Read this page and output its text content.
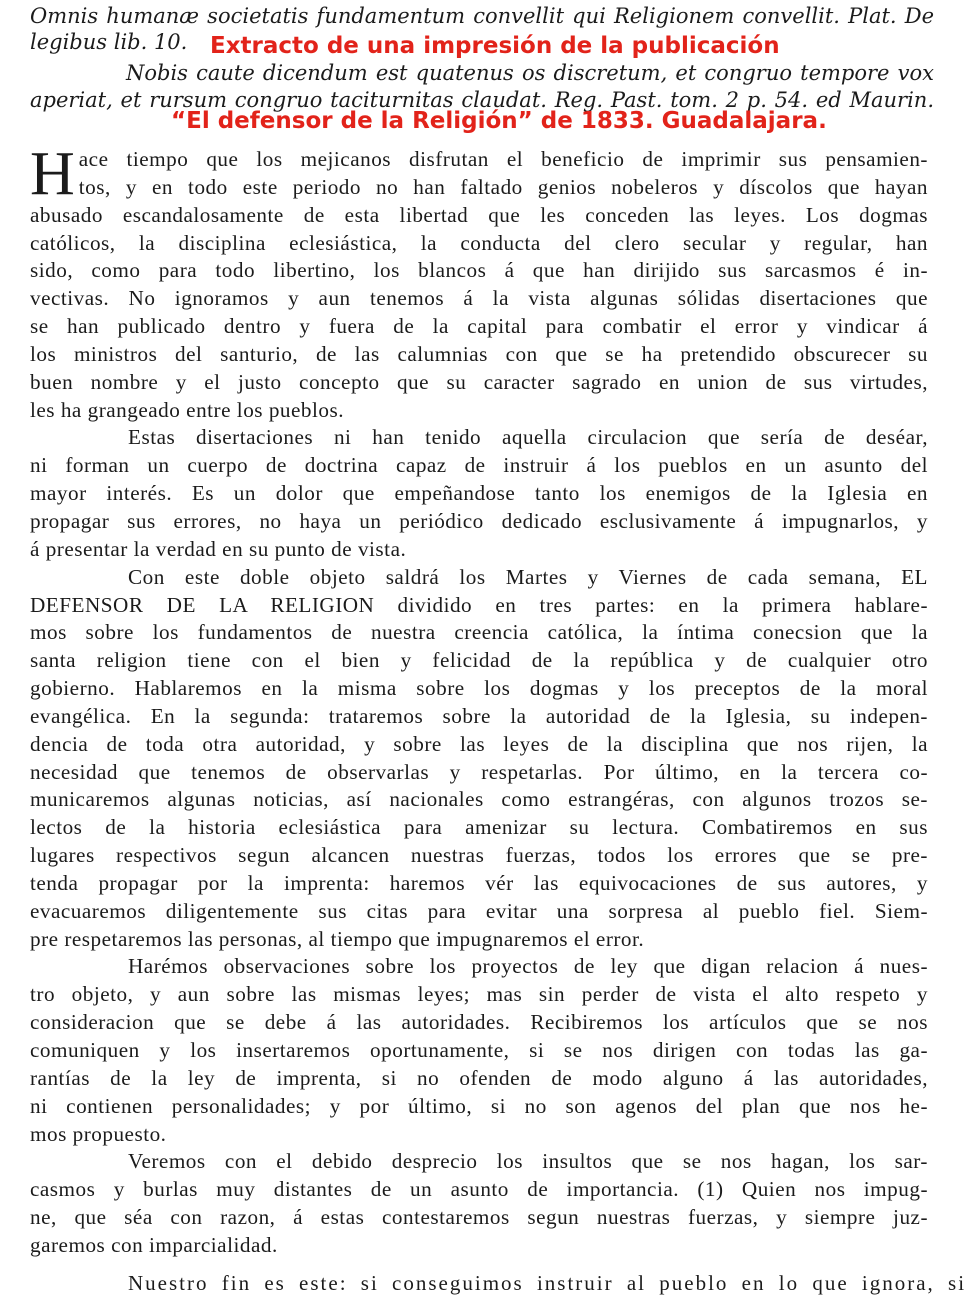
Omnis humanæ societatis fundamentum convellit qui Religionem convellit. Plat. De
legibus lib. 10.
Nobis caute dicendum est quatenus os discretum, et congruo tempore vox
aperiat, et rursum congruo taciturnitas claudat. Reg. Past. tom. 2 p. 54. ed Maurin.
Extracto de una impresión de la publicación
“El defensor de la Religión” de 1833. Guadalajara.
H ace tiempo que los mejicanos disfrutan el beneficio de imprimir sus pensamien-
tos, y en todo este periodo no han faltado genios nobeleros y díscolos que hayan
abusado escandalosamente de esta libertad que les conceden las leyes. Los dogmas
católicos, la disciplina eclesiástica, la conducta del clero secular y regular, han
sido, como para todo libertino, los blancos á que han dirijido sus sarcasmos é in-
vectivas. No ignoramos y aun tenemos á la vista algunas sólidas disertaciones que
se han publicado dentro y fuera de la capital para combatir el error y vindicar á
los ministros del santurio, de las calumnias con que se ha pretendido obscurecer su
buen nombre y el justo concepto que su caracter sagrado en union de sus virtudes,
les ha grangeado entre los pueblos.
Estas disertaciones ni han tenido aquella circulacion que sería de deséar,
ni forman un cuerpo de doctrina capaz de instruir á los pueblos en un asunto del
mayor interés. Es un dolor que empeñandose tanto los enemigos de la Iglesia en
propagar sus errores, no haya un periódico dedicado esclusivamente á impugnarlos, y
á presentar la verdad en su punto de vista.
Con este doble objeto saldrá los Martes y Viernes de cada semana, EL
DEFENSOR DE LA RELIGION dividido en tres partes: en la primera hablare-
mos sobre los fundamentos de nuestra creencia católica, la íntima conecsion que la
santa religion tiene con el bien y felicidad de la república y de cualquier otro
gobierno. Hablaremos en la misma sobre los dogmas y los preceptos de la moral
evangélica. En la segunda: trataremos sobre la autoridad de la Iglesia, su indepen-
dencia de toda otra autoridad, y sobre las leyes de la disciplina que nos rijen, la
necesidad que tenemos de observarlas y respetarlas. Por último, en la tercera co-
municaremos algunas noticias, así nacionales como estrangéras, con algunos trozos se-
lectos de la historia eclesiástica para amenizar su lectura. Combatiremos en sus
lugares respectivos segun alcancen nuestras fuerzas, todos los errores que se pre-
tenda propagar por la imprenta: haremos vér las equivocaciones de sus autores, y
evacuaremos diligentemente sus citas para evitar una sorpresa al pueblo fiel. Siem-
pre respetaremos las personas, al tiempo que impugnaremos el error.
Harémos observaciones sobre los proyectos de ley que digan relacion á nues-
tro objeto, y aun sobre las mismas leyes; mas sin perder de vista el alto respeto y
consideracion que se debe á las autoridades. Recibiremos los artículos que se nos
comuniquen y los insertaremos oportunamente, si se nos dirigen con todas las ga-
rantías de la ley de imprenta, si no ofenden de modo alguno á las autoridades,
ni contienen personalidades; y por último, si no son agenos del plan que nos he-
mos propuesto.
Veremos con el debido desprecio los insultos que se nos hagan, los sar-
casmos y burlas muy distantes de un asunto de importancia. (1) Quien nos impug-
ne, que séa con razon, á estas contestaremos segun nuestras fuerzas, y siempre juz-
garemos con imparcialidad.
Nuestro fin es este: si conseguimos instruir al pueblo en lo que ignora, si
